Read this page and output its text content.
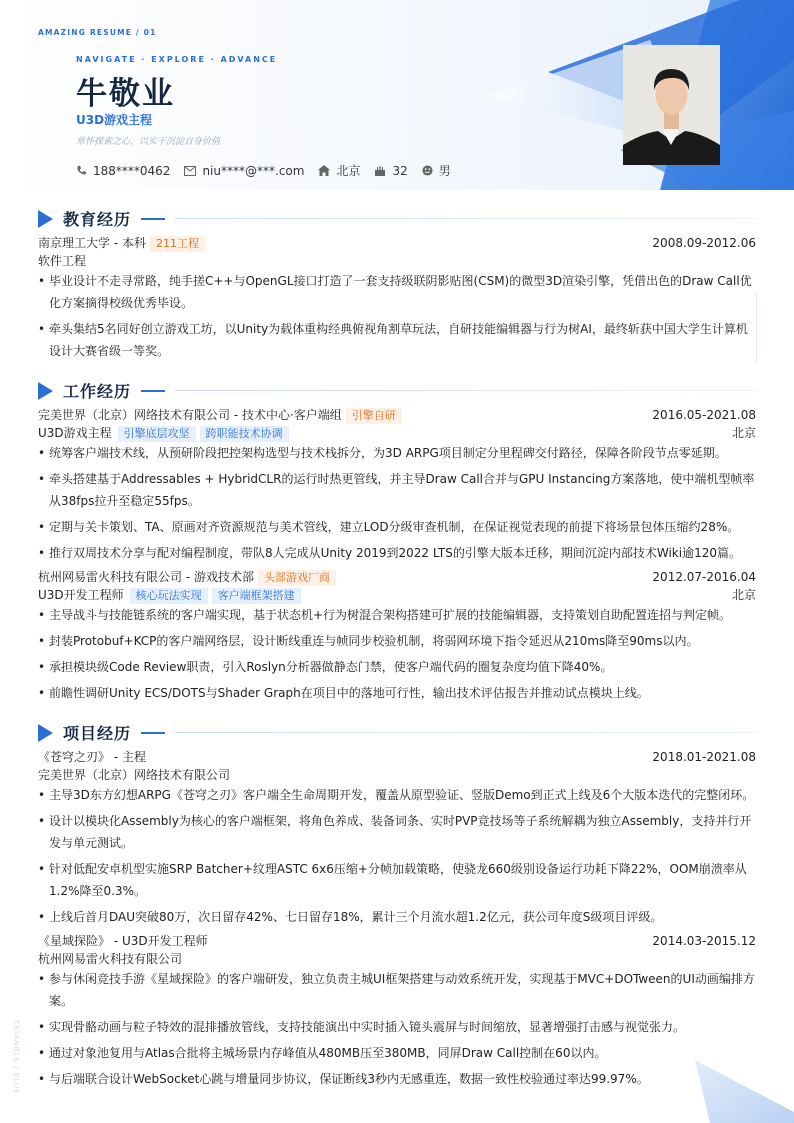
AMAZING RESUME / 01
NAVIGATE · EXPLORE · ADVANCE
牛敬业
U3D游戏主程
常怀探索之心，以实干沉淀自身价值
188****0462	niu****@***.com	北京	32	男
教育经历
南京理工大学 - 本科 211工程	2008.09-2012.06
软件工程
• 毕业设计不走寻常路，纯手搓C++与OpenGL接口打造了一套支持级联阴影贴图(CSM)的微型3D渲染引擎，凭借出色的Draw Call优化方案摘得校级优秀毕设。
• 牵头集结5名同好创立游戏工坊，以Unity为载体重构经典俯视角割草玩法，自研技能编辑器与行为树AI，最终斩获中国大学生计算机设计大赛省级一等奖。
工作经历
完美世界（北京）网络技术有限公司 - 技术中心·客户端组 引擎自研	2016.05-2021.08
U3D游戏主程 引擎底层攻坚 跨职能技术协调	北京
• 统筹客户端技术线，从预研阶段把控架构选型与技术栈拆分，为3D ARPG项目制定分里程碑交付路径，保障各阶段节点零延期。
• 牵头搭建基于Addressables + HybridCLR的运行时热更管线，并主导Draw Call合并与GPU Instancing方案落地，使中端机型帧率从38fps拉升至稳定55fps。
• 定期与关卡策划、TA、原画对齐资源规范与美术管线，建立LOD分级审查机制，在保证视觉表现的前提下将场景包体压缩约28%。
• 推行双周技术分享与配对编程制度，带队8人完成从Unity 2019到2022 LTS的引擎大版本迁移，期间沉淀内部技术Wiki逾120篇。
杭州网易雷火科技有限公司 - 游戏技术部 头部游戏厂商	2012.07-2016.04
U3D开发工程师 核心玩法实现 客户端框架搭建	北京
• 主导战斗与技能链系统的客户端实现，基于状态机+行为树混合架构搭建可扩展的技能编辑器，支持策划自助配置连招与判定帧。
• 封装Protobuf+KCP的客户端网络层，设计断线重连与帧同步校验机制，将弱网环境下指令延迟从210ms降至90ms以内。
• 承担模块级Code Review职责，引入Roslyn分析器做静态门禁，使客户端代码的圈复杂度均值下降40%。
• 前瞻性调研Unity ECS/DOTS与Shader Graph在项目中的落地可行性，输出技术评估报告并推动试点模块上线。
项目经历
《苍穹之刃》 - 主程	2018.01-2021.08
完美世界（北京）网络技术有限公司
• 主导3D东方幻想ARPG《苍穹之刃》客户端全生命周期开发，覆盖从原型验证、竖版Demo到正式上线及6个大版本迭代的完整闭环。
• 设计以模块化Assembly为核心的客户端框架，将角色养成、装备词条、实时PVP竞技场等子系统解耦为独立Assembly，支持并行开发与单元测试。
• 针对低配安卓机型实施SRP Batcher+纹理ASTC 6x6压缩+分帧加载策略，使骁龙660级别设备运行功耗下降22%，OOM崩溃率从1.2%降至0.3%。
• 上线后首月DAU突破80万，次日留存42%、七日留存18%，累计三个月流水超1.2亿元，获公司年度S级项目评级。
《星域探险》 - U3D开发工程师	2014.03-2015.12
杭州网易雷火科技有限公司
• 参与休闲竞技手游《星域探险》的客户端研发，独立负责主城UI框架搭建与动效系统开发，实现基于MVC+DOTween的UI动画编排方案。
• 实现骨骼动画与粒子特效的混排播放管线，支持技能演出中实时插入镜头震屏与时间缩放，显著增强打击感与视觉张力。
• 通过对象池复用与Atlas合批将主城场景内存峰值从480MB压至380MB，同屏Draw Call控制在60以内。
• 与后端联合设计WebSocket心跳与增量同步协议，保证断线3秒内无感重连，数据一致性校验通过率达99.97%。
TRIANGLE / BLUE
